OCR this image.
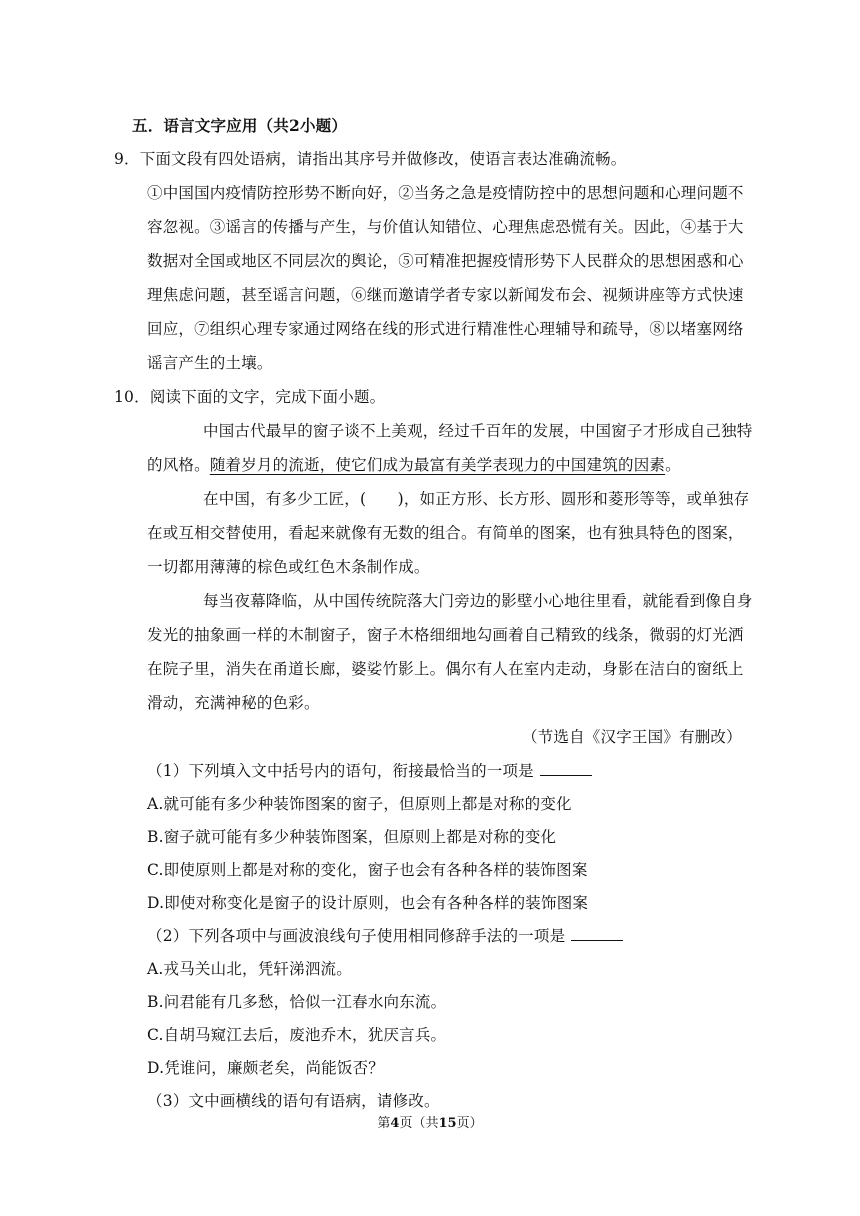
五．语言文字应用（共2小题）
9．下面文段有四处语病，请指出其序号并做修改，使语言表达准确流畅。
①中国国内疫情防控形势不断向好，②当务之急是疫情防控中的思想问题和心理问题不
容忽视。③谣言的传播与产生，与价值认知错位、心理焦虑恐慌有关。因此，④基于大
数据对全国或地区不同层次的舆论，⑤可精准把握疫情形势下人民群众的思想困惑和心
理焦虑问题，甚至谣言问题，⑥继而邀请学者专家以新闻发布会、视频讲座等方式快速
回应，⑦组织心理专家通过网络在线的形式进行精准性心理辅导和疏导，⑧以堵塞网络
谣言产生的土壤。
10．阅读下面的文字，完成下面小题。
中国古代最早的窗子谈不上美观，经过千百年的发展，中国窗子才形成自己独特
的风格。随着岁月的流逝，使它们成为最富有美学表现力的中国建筑的因素。
在中国，有多少工匠，(　　)，如正方形、长方形、圆形和菱形等等，或单独存
在或互相交替使用，看起来就像有无数的组合。有简单的图案，也有独具特色的图案，
一切都用薄薄的棕色或红色木条制作成。
每当夜幕降临，从中国传统院落大门旁边的影壁小心地往里看，就能看到像自身
发光的抽象画一样的木制窗子，窗子木格细细地勾画着自己精致的线条，微弱的灯光洒
在院子里，消失在甬道长廊，婆娑竹影上。偶尔有人在室内走动，身影在洁白的窗纸上
滑动，充满神秘的色彩。
（节选自《汉字王国》有删改）
（1）下列填入文中括号内的语句，衔接最恰当的一项是
A.就可能有多少种装饰图案的窗子，但原则上都是对称的变化
B.窗子就可能有多少种装饰图案，但原则上都是对称的变化
C.即使原则上都是对称的变化，窗子也会有各种各样的装饰图案
D.即使对称变化是窗子的设计原则，也会有各种各样的装饰图案
（2）下列各项中与画波浪线句子使用相同修辞手法的一项是
A.戎马关山北，凭轩涕泗流。
B.问君能有几多愁，恰似一江春水向东流。
C.自胡马窥江去后，废池乔木，犹厌言兵。
D.凭谁问，廉颇老矣，尚能饭否？
（3）文中画横线的语句有语病，请修改。
第4页（共15页）
